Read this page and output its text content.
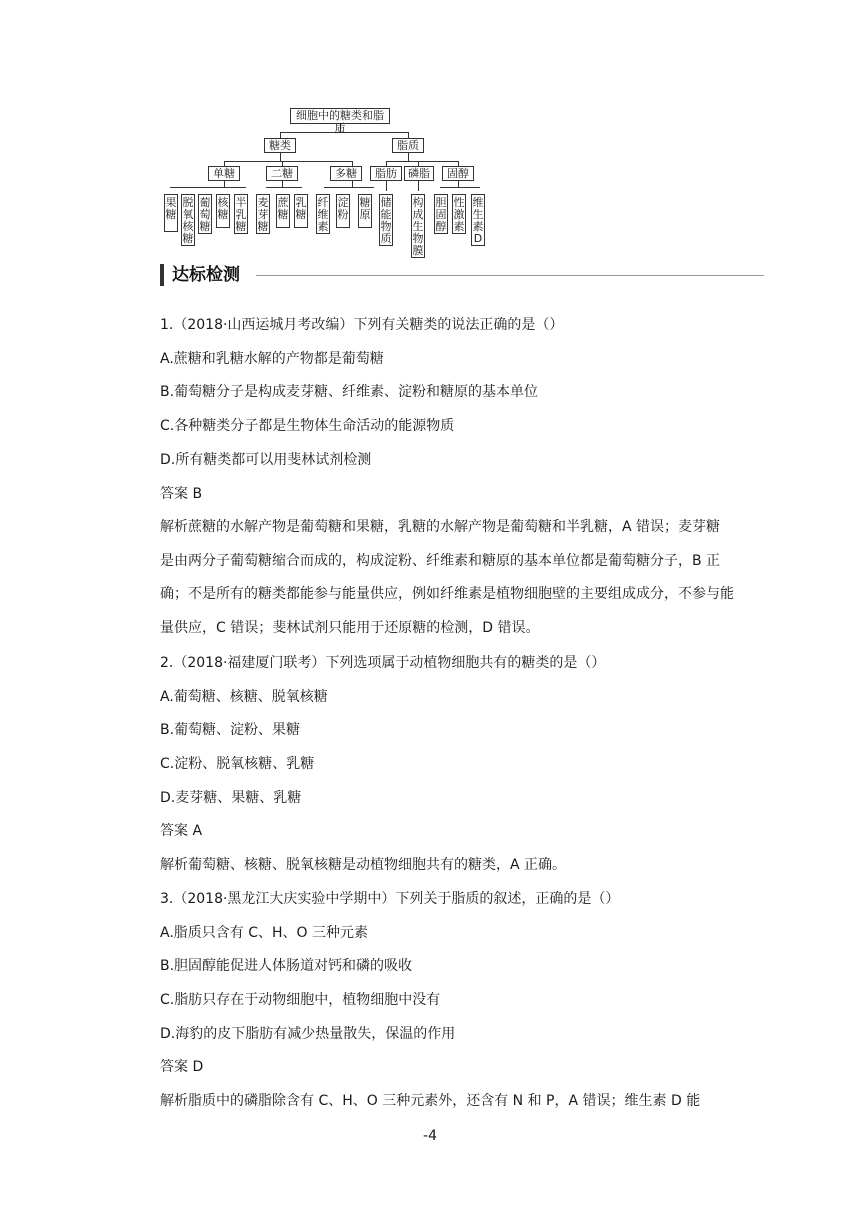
细胞中的糖类和脂质
糖类	脂质
单糖	二糖	多糖	脂肪	磷脂	固醇
果糖
脱氧核糖
葡萄糖
核糖
半乳糖
麦芽糖
蔗糖
乳糖
纤维素
淀粉
糖原
储能物质
构成生物膜
胆固醇
性激素
维生素D
达标检测
1.（2018·山西运城月考改编）下列有关糖类的说法正确的是（）
A.蔗糖和乳糖水解的产物都是葡萄糖
B.葡萄糖分子是构成麦芽糖、纤维素、淀粉和糖原的基本单位
C.各种糖类分子都是生物体生命活动的能源物质
D.所有糖类都可以用斐林试剂检测
答案 B
解析蔗糖的水解产物是葡萄糖和果糖，乳糖的水解产物是葡萄糖和半乳糖，A 错误；麦芽糖是由两分子葡萄糖缩合而成的，构成淀粉、纤维素和糖原的基本单位都是葡萄糖分子，B 正确；不是所有的糖类都能参与能量供应，例如纤维素是植物细胞壁的主要组成成分，不参与能量供应，C 错误；斐林试剂只能用于还原糖的检测，D 错误。
2.（2018·福建厦门联考）下列选项属于动植物细胞共有的糖类的是（）
A.葡萄糖、核糖、脱氧核糖
B.葡萄糖、淀粉、果糖
C.淀粉、脱氧核糖、乳糖
D.麦芽糖、果糖、乳糖
答案 A
解析葡萄糖、核糖、脱氧核糖是动植物细胞共有的糖类，A 正确。
3.（2018·黑龙江大庆实验中学期中）下列关于脂质的叙述，正确的是（）
A.脂质只含有 C、H、O 三种元素
B.胆固醇能促进人体肠道对钙和磷的吸收
C.脂肪只存在于动物细胞中，植物细胞中没有
D.海豹的皮下脂肪有减少热量散失，保温的作用
答案 D
解析脂质中的磷脂除含有 C、H、O 三种元素外，还含有 N 和 P，A 错误；维生素 D 能
-4
